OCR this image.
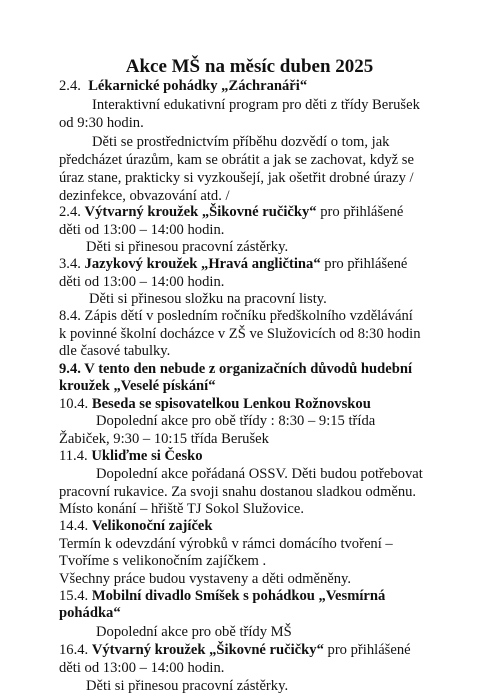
Akce MŠ na měsíc duben 2025

2.4. Lékarnické pohádky „Záchranáři“

Interaktivní edukativní program pro děti z třídy Berušek

od 9:30 hodin.

Děti se prostřednictvím příběhu dozvědí o tom, jak

předcházet úrazům, kam se obrátit a jak se zachovat, když se

úraz stane, prakticky si vyzkoušejí, jak ošetřit drobné úrazy /

dezinfekce, obvazování atd. /

2.4. Výtvarný kroužek „Šikovné ručičky“ pro přihlášené

děti od 13:00 – 14:00 hodin.

Děti si přinesou pracovní zástěrky.

3.4. Jazykový kroužek „Hravá angličtina“ pro přihlášené

děti od 13:00 – 14:00 hodin.

Děti si přinesou složku na pracovní listy.

8.4. Zápis dětí v posledním ročníku předškolního vzdělávání

k povinné školní docházce v ZŠ ve Služovicích od 8:30 hodin

dle časové tabulky.

9.4. V tento den nebude z organizačních důvodů hudební

kroužek „Veselé pískání“

10.4. Beseda se spisovatelkou Lenkou Rožnovskou

Dopolední akce pro obě třídy : 8:30 – 9:15 třída

Žabiček, 9:30 – 10:15 třída Berušek

11.4. Ukliďme si Česko

Dopolední akce pořádaná OSSV. Děti budou potřebovat

pracovní rukavice. Za svoji snahu dostanou sladkou odměnu.

Místo konání – hřiště TJ Sokol Služovice.

14.4. Velikonoční zajíček

Termín k odevzdání výrobků v rámci domácího tvoření –

Tvoříme s velikonočním zajíčkem .

Všechny práce budou vystaveny a děti odměněny.

15.4. Mobilní divadlo Smíšek s pohádkou „Vesmírná

pohádka“

Dopolední akce pro obě třídy MŠ

16.4. Výtvarný kroužek „Šikovné ručičky“ pro přihlášené

děti od 13:00 – 14:00 hodin.

Děti si přinesou pracovní zástěrky.
